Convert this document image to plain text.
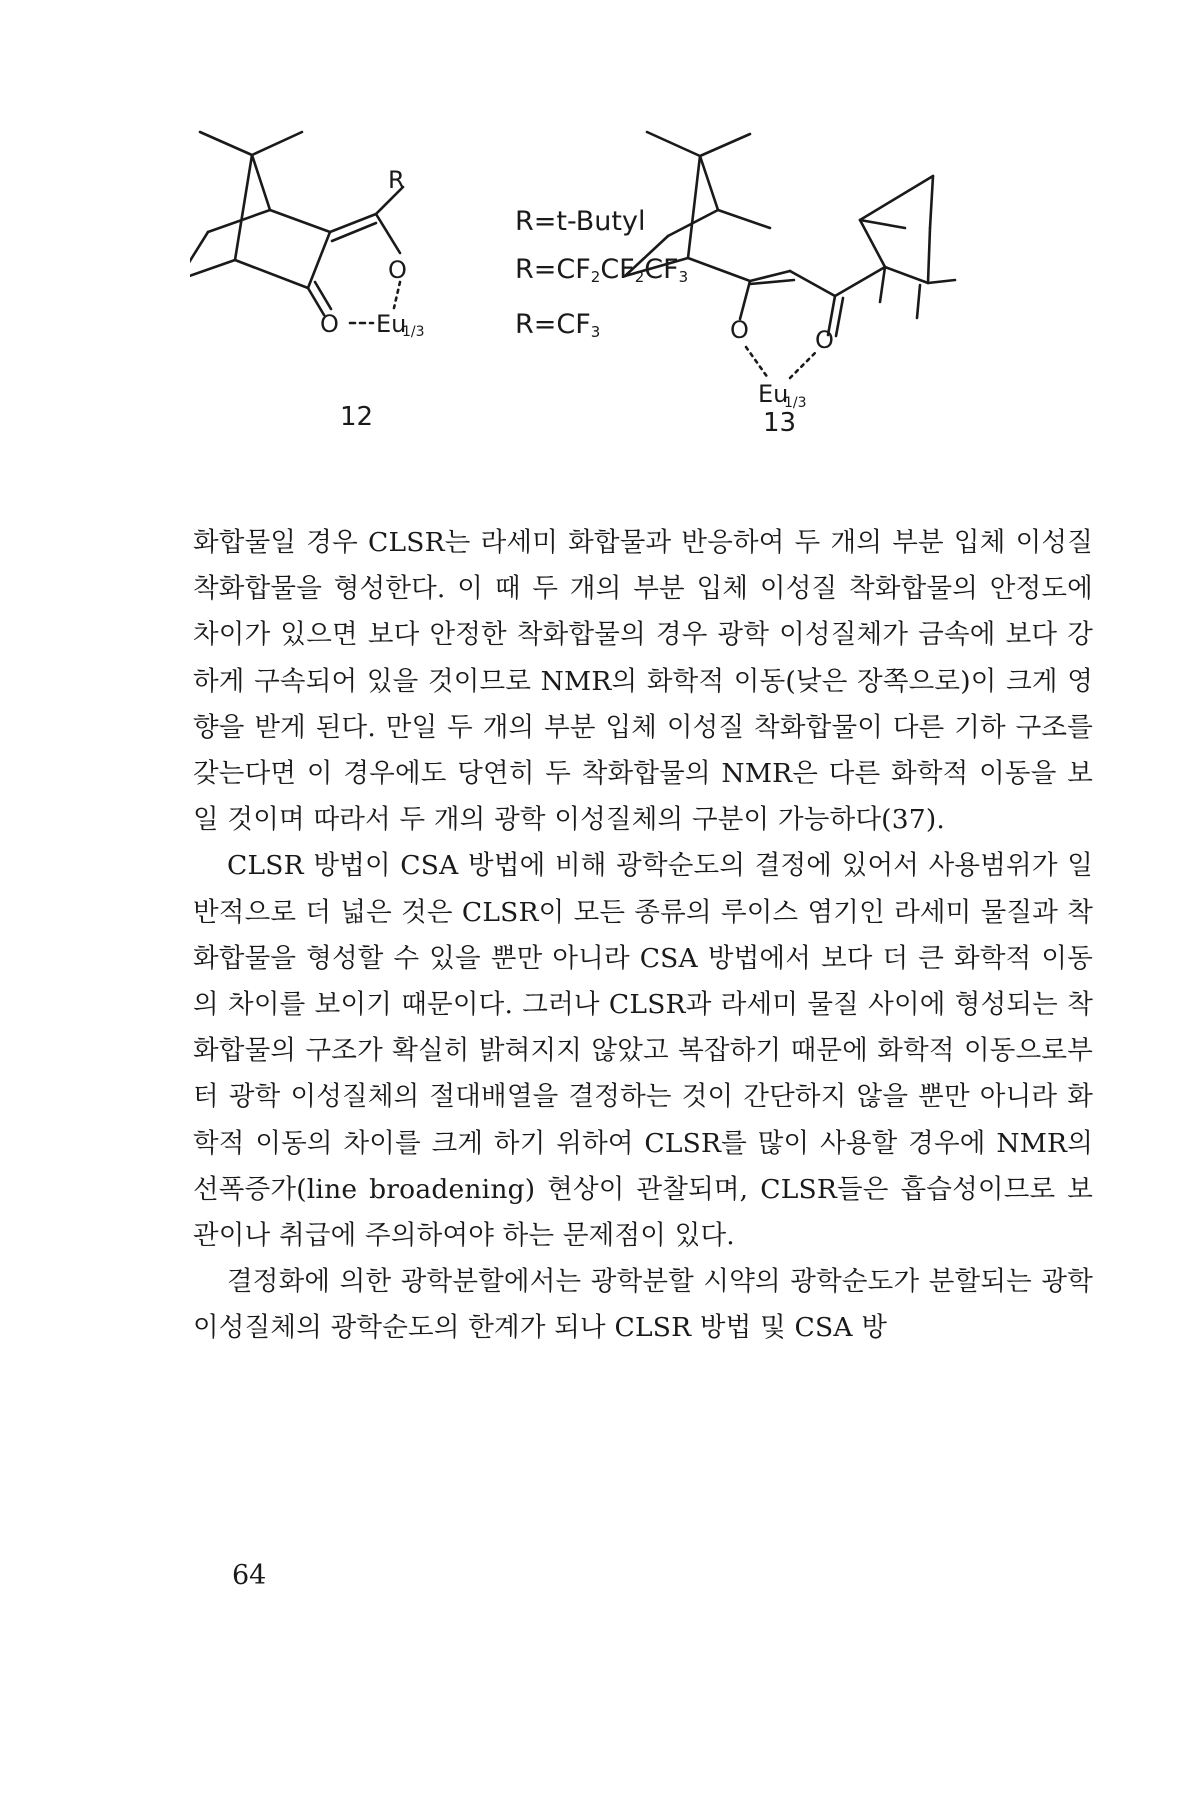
R
O
O Eu
1/3	O	O
Eu
1/3
R=t-Butyl
$R=CF_2CF_2CF_3$
$R=CF_3$
12	13

화합물일 경우 CLSR는 라세미 화합물과 반응하여 두 개의 부분 입체 이성질 착화합물을 형성한다. 이 때 두 개의 부분 입체 이성질 착화합물의 안정도에 차이가 있으면 보다 안정한 착화합물의 경우 광학 이성질체가 금속에 보다 강하게 구속되어 있을 것이므로 NMR의 화학적 이동(낮은 장쪽으로)이 크게 영향을 받게 된다. 만일 두 개의 부분 입체 이성질 착화합물이 다른 기하 구조를 갖는다면 이 경우에도 당연히 두 착화합물의 NMR은 다른 화학적 이동을 보일 것이며 따라서 두 개의 광학 이성질체의 구분이 가능하다(37).

CLSR 방법이 CSA 방법에 비해 광학순도의 결정에 있어서 사용범위가 일반적으로 더 넓은 것은 CLSR이 모든 종류의 루이스 염기인 라세미 물질과 착화합물을 형성할 수 있을 뿐만 아니라 CSA 방법에서 보다 더 큰 화학적 이동의 차이를 보이기 때문이다. 그러나 CLSR과 라세미 물질 사이에 형성되는 착화합물의 구조가 확실히 밝혀지지 않았고 복잡하기 때문에 화학적 이동으로부터 광학 이성질체의 절대배열을 결정하는 것이 간단하지 않을 뿐만 아니라 화학적 이동의 차이를 크게 하기 위하여 CLSR를 많이 사용할 경우에 NMR의 선폭증가(line broadening) 현상이 관찰되며, CLSR들은 흡습성이므로 보관이나 취급에 주의하여야 하는 문제점이 있다.

결정화에 의한 광학분할에서는 광학분할 시약의 광학순도가 분할되는 광학 이성질체의 광학순도의 한계가 되나 CLSR 방법 및 CSA 방

64
